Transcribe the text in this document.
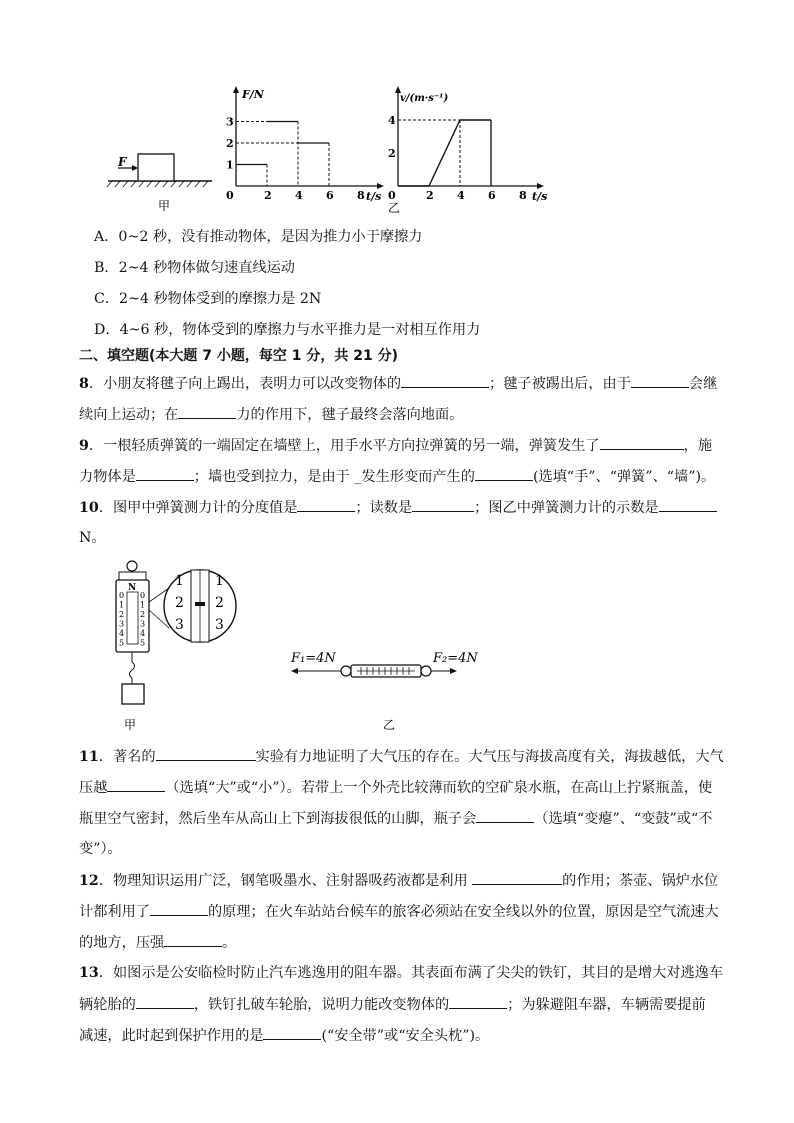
F
甲
F/N
t/s
0	2 4 6 8
1
2
3
v/(m·s⁻¹)
t/s
乙
0	2 4 6 8
2
4
A．0~2 秒，没有推动物体，是因为推力小于摩擦力
B．2~4 秒物体做匀速直线运动
C．2~4 秒物体受到的摩擦力是 2N
D．4~6 秒，物体受到的摩擦力与水平推力是一对相互作用力
二、填空题(本大题 7 小题，每空 1 分，共 21 分)
8．小朋友将毽子向上踢出，表明力可以改变物体的	；毽子被踢出后，由于	会继
续向上运动；在	力的作用下，毽子最终会落向地面。
9．一根轻质弹簧的一端固定在墙壁上，用手水平方向拉弹簧的另一端，弹簧发生了	，施
力物体是	；墙也受到拉力，是由于 _发生形变而产生的	(选填“手”、“弹簧”、“墙”)。
10．图甲中弹簧测力计的分度值是	；读数是	；图乙中弹簧测力计的示数是
N。
N
0
1
2
3
4
5
0
1
2
3
4
5
甲
1
2
3
1
2
3
F₁=4N	F₂=4N
乙
11．著名的	实验有力地证明了大气压的存在。大气压与海拔高度有关，海拔越低，大气
压越	（选填“大”或“小”）。若带上一个外壳比较薄而软的空矿泉水瓶，在高山上拧紧瓶盖，使
瓶里空气密封，然后坐车从高山上下到海拔很低的山脚，瓶子会	（选填“变瘪”、“变鼓”或“不
变”）。
12．物理知识运用广泛，钢笔吸墨水、注射器吸药液都是利用	的作用；茶壶、锅炉水位
计都利用了	的原理；在火车站站台候车的旅客必须站在安全线以外的位置，原因是空气流速大
的地方，压强	。
13．如图示是公安临检时防止汽车逃逸用的阻车器。其表面布满了尖尖的铁钉，其目的是增大对逃逸车
辆轮胎的	，铁钉扎破车轮胎，说明力能改变物体的	；为躲避阻车器，车辆需要提前
减速，此时起到保护作用的是	(“安全带”或“安全头枕”)。
